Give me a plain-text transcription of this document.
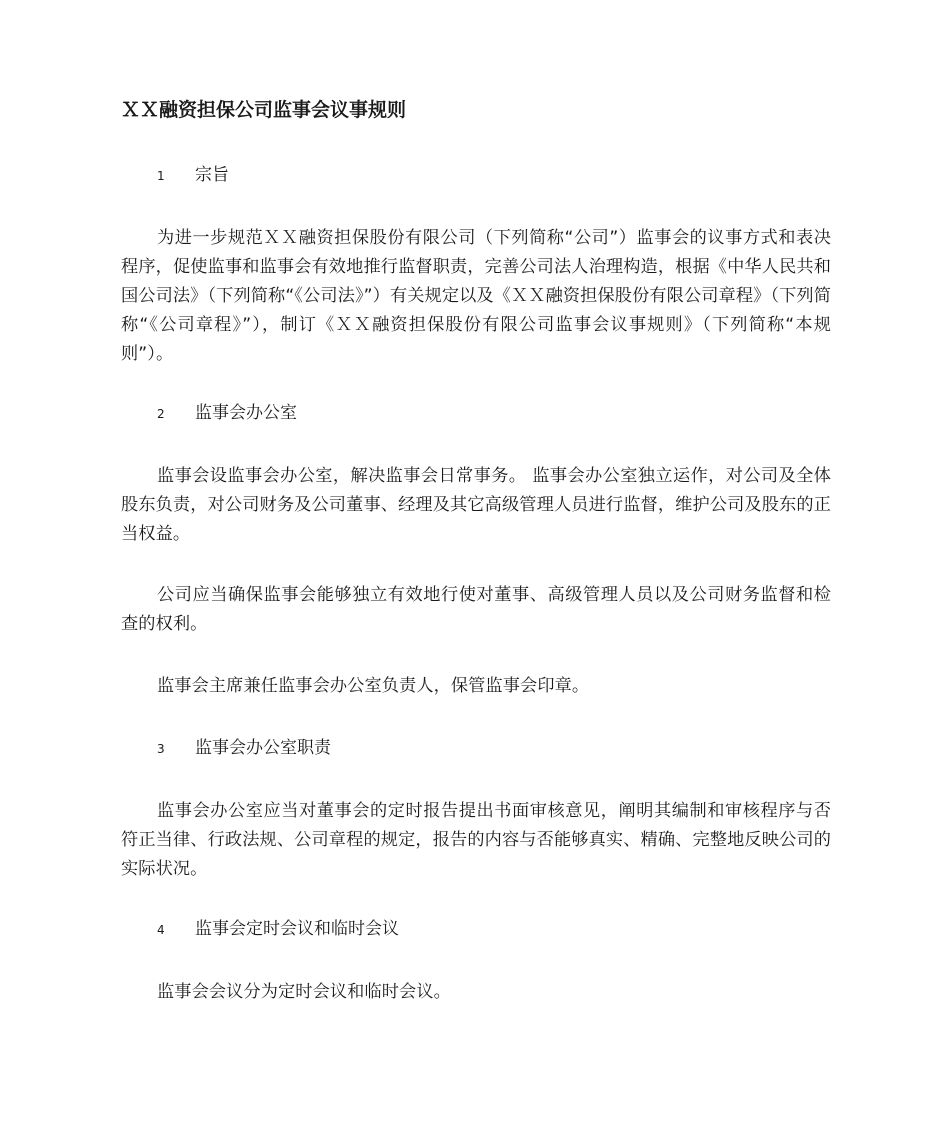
ＸＸ融资担保公司监事会议事规则
1 宗旨
为进一步规范ＸＸ融资担保股份有限公司（下列简称“公司”）监事会的议事方式和表决程序，促使监事和监事会有效地推行监督职责，完善公司法人治理构造，根据《中华人民共和国公司法》（下列简称“《公司法》”）有关规定以及《ＸＸ融资担保股份有限公司章程》（下列简称“《公司章程》”），制订《ＸＸ融资担保股份有限公司监事会议事规则》（下列简称“本规则”）。
2 监事会办公室
监事会设监事会办公室，解决监事会日常事务。 监事会办公室独立运作，对公司及全体股东负责，对公司财务及公司董事、经理及其它高级管理人员进行监督，维护公司及股东的正当权益。
公司应当确保监事会能够独立有效地行使对董事、高级管理人员以及公司财务监督和检查的权利。
监事会主席兼任监事会办公室负责人，保管监事会印章。
3 监事会办公室职责
监事会办公室应当对董事会的定时报告提出书面审核意见，阐明其编制和审核程序与否符正当律、行政法规、公司章程的规定，报告的内容与否能够真实、精确、完整地反映公司的实际状况。
4 监事会定时会议和临时会议
监事会会议分为定时会议和临时会议。
